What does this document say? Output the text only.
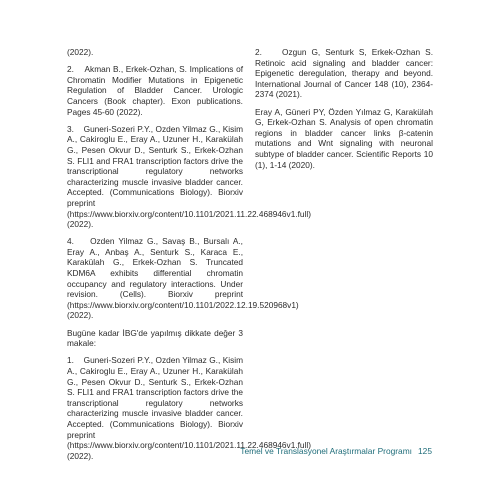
(2022).

2.    Akman B., Erkek-Ozhan, S. Implications of Chromatin Modifier Mutations in Epigenetic Regulation of Bladder Cancer. Urologic Cancers (Book chapter). Exon publications. Pages 45-60 (2022).

3.    Guneri-Sozeri P.Y., Ozden Yilmaz G., Kisim A., Cakiroglu E., Eray A., Uzuner H., Karakülah G., Pesen Okvur D., Senturk S., Erkek-Ozhan S. FLI1 and FRA1 transcription factors drive the transcriptional regulatory networks characterizing muscle invasive bladder cancer. Accepted. (Communications Biology). Biorxiv preprint (https://www.biorxiv.org/content/10.1101/2021.11.22.468946v1.full) (2022).

4.    Ozden Yilmaz G., Savaş B., Bursalı A., Eray A., Anbaş A., Senturk S., Karaca E., Karakülah G., Erkek-Ozhan S. Truncated KDM6A exhibits differential chromatin occupancy and regulatory interactions. Under revision. (Cells). Biorxiv preprint (https://www.biorxiv.org/content/10.1101/2022.12.19.520968v1) (2022).

Bugüne kadar İBG'de yapılmış dikkate değer 3 makale:

1.    Guneri-Sozeri P.Y., Ozden Yilmaz G., Kisim A., Cakiroglu E., Eray A., Uzuner H., Karakülah G., Pesen Okvur D., Senturk S., Erkek-Ozhan S. FLI1 and FRA1 transcription factors drive the transcriptional regulatory networks characterizing muscle invasive bladder cancer. Accepted. (Communications Biology). Biorxiv preprint (https://www.biorxiv.org/content/10.1101/2021.11.22.468946v1.full) (2022).

2.    Ozgun G, Senturk S, Erkek-Ozhan S. Retinoic acid signaling and bladder cancer: Epigenetic deregulation, therapy and beyond. International Journal of Cancer 148 (10), 2364-2374 (2021).

Eray A, Güneri PY, Özden Yılmaz G, Karakülah G, Erkek-Ozhan S. Analysis of open chromatin regions in bladder cancer links β-catenin mutations and Wnt signaling with neuronal subtype of bladder cancer. Scientific Reports 10 (1), 1-14 (2020).

Temel ve Translasyonel Araştırmalar Programı 125
